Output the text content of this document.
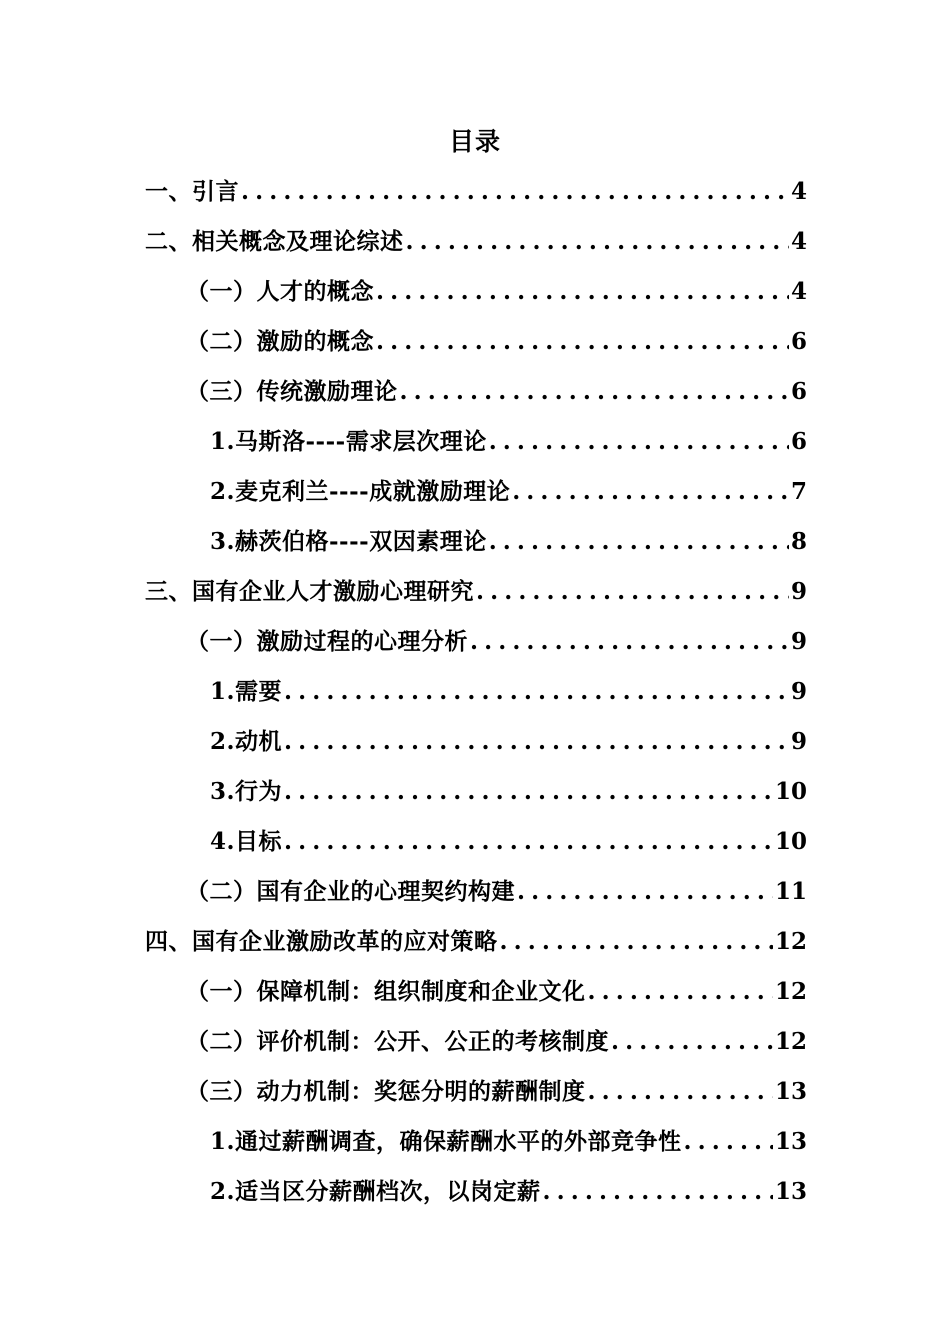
目录
一、引言 .....	4
二、相关概念及理论综述 .....	4
（一）人才的概念 .....	4
（二）激励的概念 .....	6
（三）传统激励理论 .....	6
1.马斯洛----需求层次理论 .....	6
2.麦克利兰----成就激励理论 .....	7
3.赫茨伯格----双因素理论 .....	8
三、国有企业人才激励心理研究 .....	9
（一）激励过程的心理分析 .....	9
1.需要 .....	9
2.动机 .....	9
3.行为 .....	10
4.目标 .....	10
（二）国有企业的心理契约构建 .....	11
四、国有企业激励改革的应对策略 .....	12
（一）保障机制：组织制度和企业文化 .....	12
（二）评价机制：公开、公正的考核制度 .....	12
（三）动力机制：奖惩分明的薪酬制度 .....	13
1.通过薪酬调查，确保薪酬水平的外部竞争性 .....	13
2.适当区分薪酬档次，以岗定薪 .....	13
